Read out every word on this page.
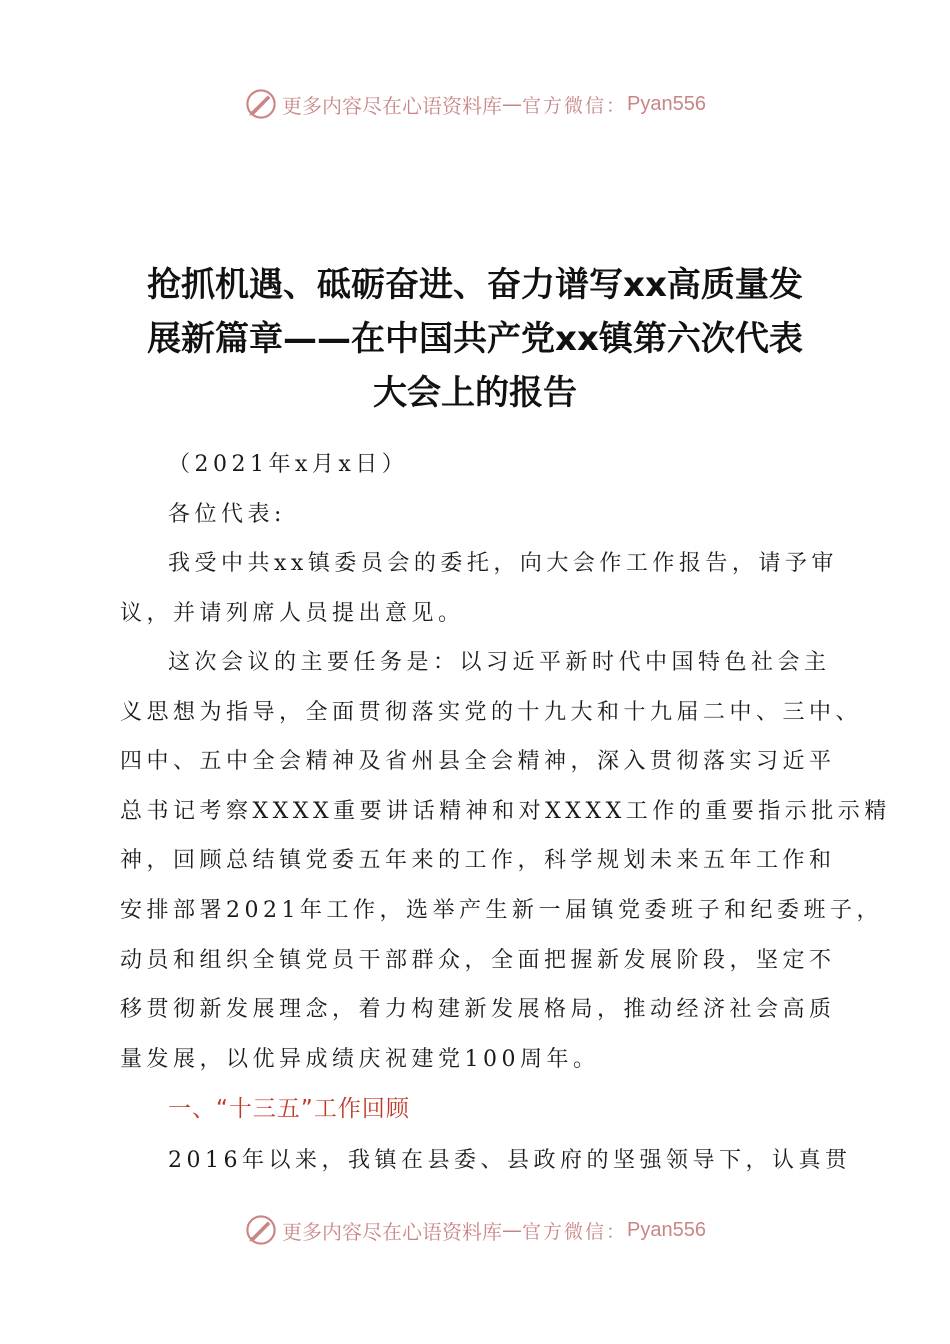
更多内容尽在心语资料库 — 官方微信： Pyan556
抢抓机遇、砥砺奋进、奋力谱写xx高质量发
展新篇章——在中国共产党xx镇第六次代表
大会上的报告
（2021年x月x日）
各位代表:
我受中共xx镇委员会的委托，向大会作工作报告，请予审
议，并请列席人员提出意见。
这次会议的主要任务是：以习近平新时代中国特色社会主
义思想为指导，全面贯彻落实党的十九大和十九届二中、三中、
四中、五中全会精神及省州县全会精神，深入贯彻落实习近平
总书记考察XXXX重要讲话精神和对XXXX工作的重要指示批示精
神，回顾总结镇党委五年来的工作，科学规划未来五年工作和
安排部署2021年工作，选举产生新一届镇党委班子和纪委班子，
动员和组织全镇党员干部群众，全面把握新发展阶段，坚定不
移贯彻新发展理念，着力构建新发展格局，推动经济社会高质
量发展，以优异成绩庆祝建党100周年。
一、“十三五”工作回顾
2016年以来，我镇在县委、县政府的坚强领导下，认真贯
更多内容尽在心语资料库 — 官方微信： Pyan556
